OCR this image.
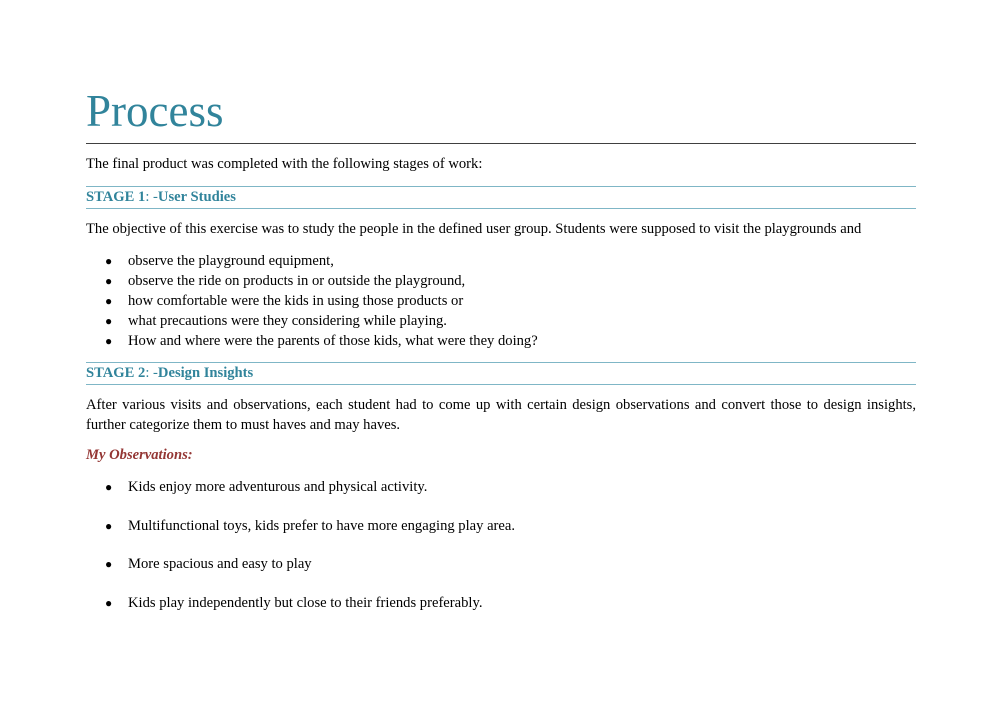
Process

The final product was completed with the following stages of work:

STAGE 1: -User Studies

The objective of this exercise was to study the people in the defined user group. Students were supposed to visit the playgrounds and

● observe the playground equipment,
● observe the ride on products in or outside the playground,
● how comfortable were the kids in using those products or
● what precautions were they considering while playing.
● How and where were the parents of those kids, what were they doing?
STAGE 2: -Design Insights

After various visits and observations, each student had to come up with certain design observations and convert those to design insights, further categorize them to must haves and may haves.

My Observations:

● Kids enjoy more adventurous and physical activity.
● Multifunctional toys, kids prefer to have more engaging play area.
● More spacious and easy to play
● Kids play independently but close to their friends preferably.
